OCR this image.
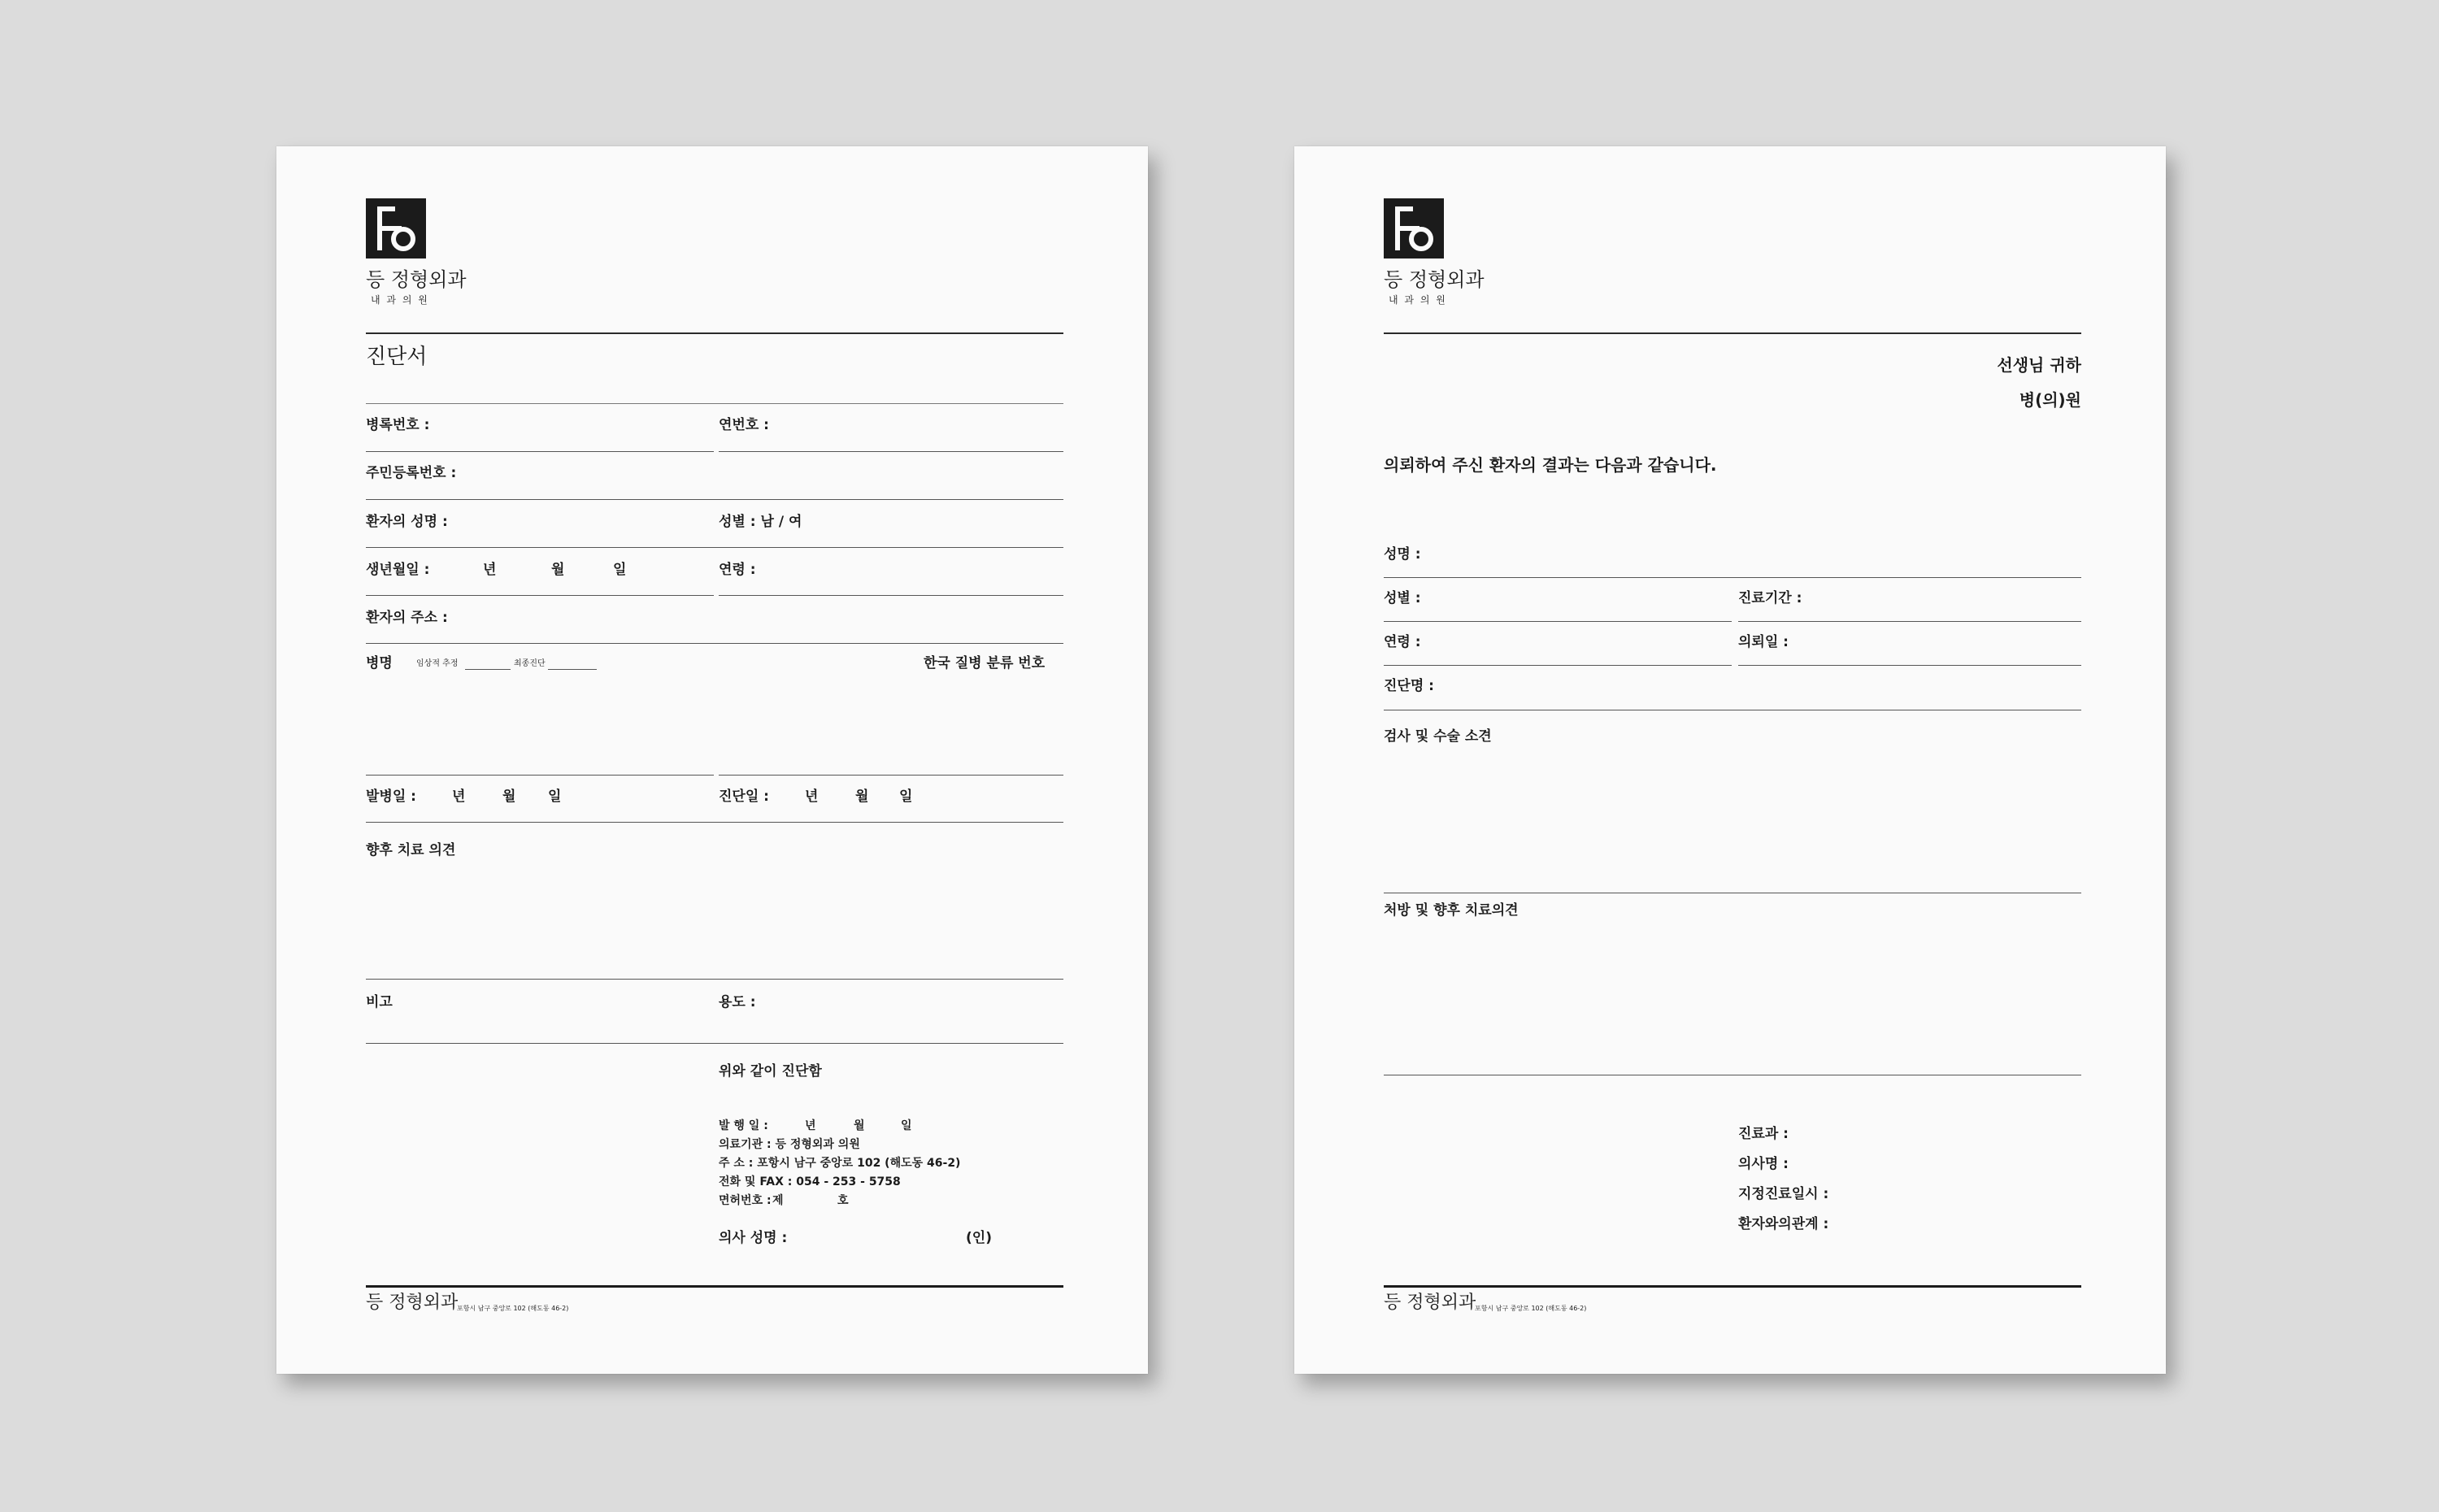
등 정형외과
내 과 의 원
진단서
병록번호 :	연번호 :
주민등록번호 :
환자의 성명 :	성별 : 남 / 여
생년월일 :	년	월	일	연령 :
환자의 주소 :
병명	임상적 추정	최종진단	한국 질병 분류 번호
발병일 :	년	월 일	진단일 :	년	월 일
향후 치료 의견
비고	용도 :
위와 같이 진단함
발 행 일 :	년	월	일
의료기관 : 등 정형외과 의원
주 소 : 포항시 남구 중앙로 102 (해도동 46-2)
전화 및 FAX : 054 - 253 - 5758
면허번호 : 제	호
의사 성명 :	(인)
등 정형외과
포항시 남구 중앙로 102 (해도동 46-2)
등 정형외과
내 과 의 원
선생님 귀하
병(의)원
의뢰하여 주신 환자의 결과는 다음과 같습니다.
성명 :
성별 :	진료기간 :
연령 :	의뢰일 :
진단명 :
검사 및 수술 소견
처방 및 향후 치료의견
진료과 :
의사명 :
지정진료일시 :
환자와의관계 :
등 정형외과
포항시 남구 중앙로 102 (해도동 46-2)
